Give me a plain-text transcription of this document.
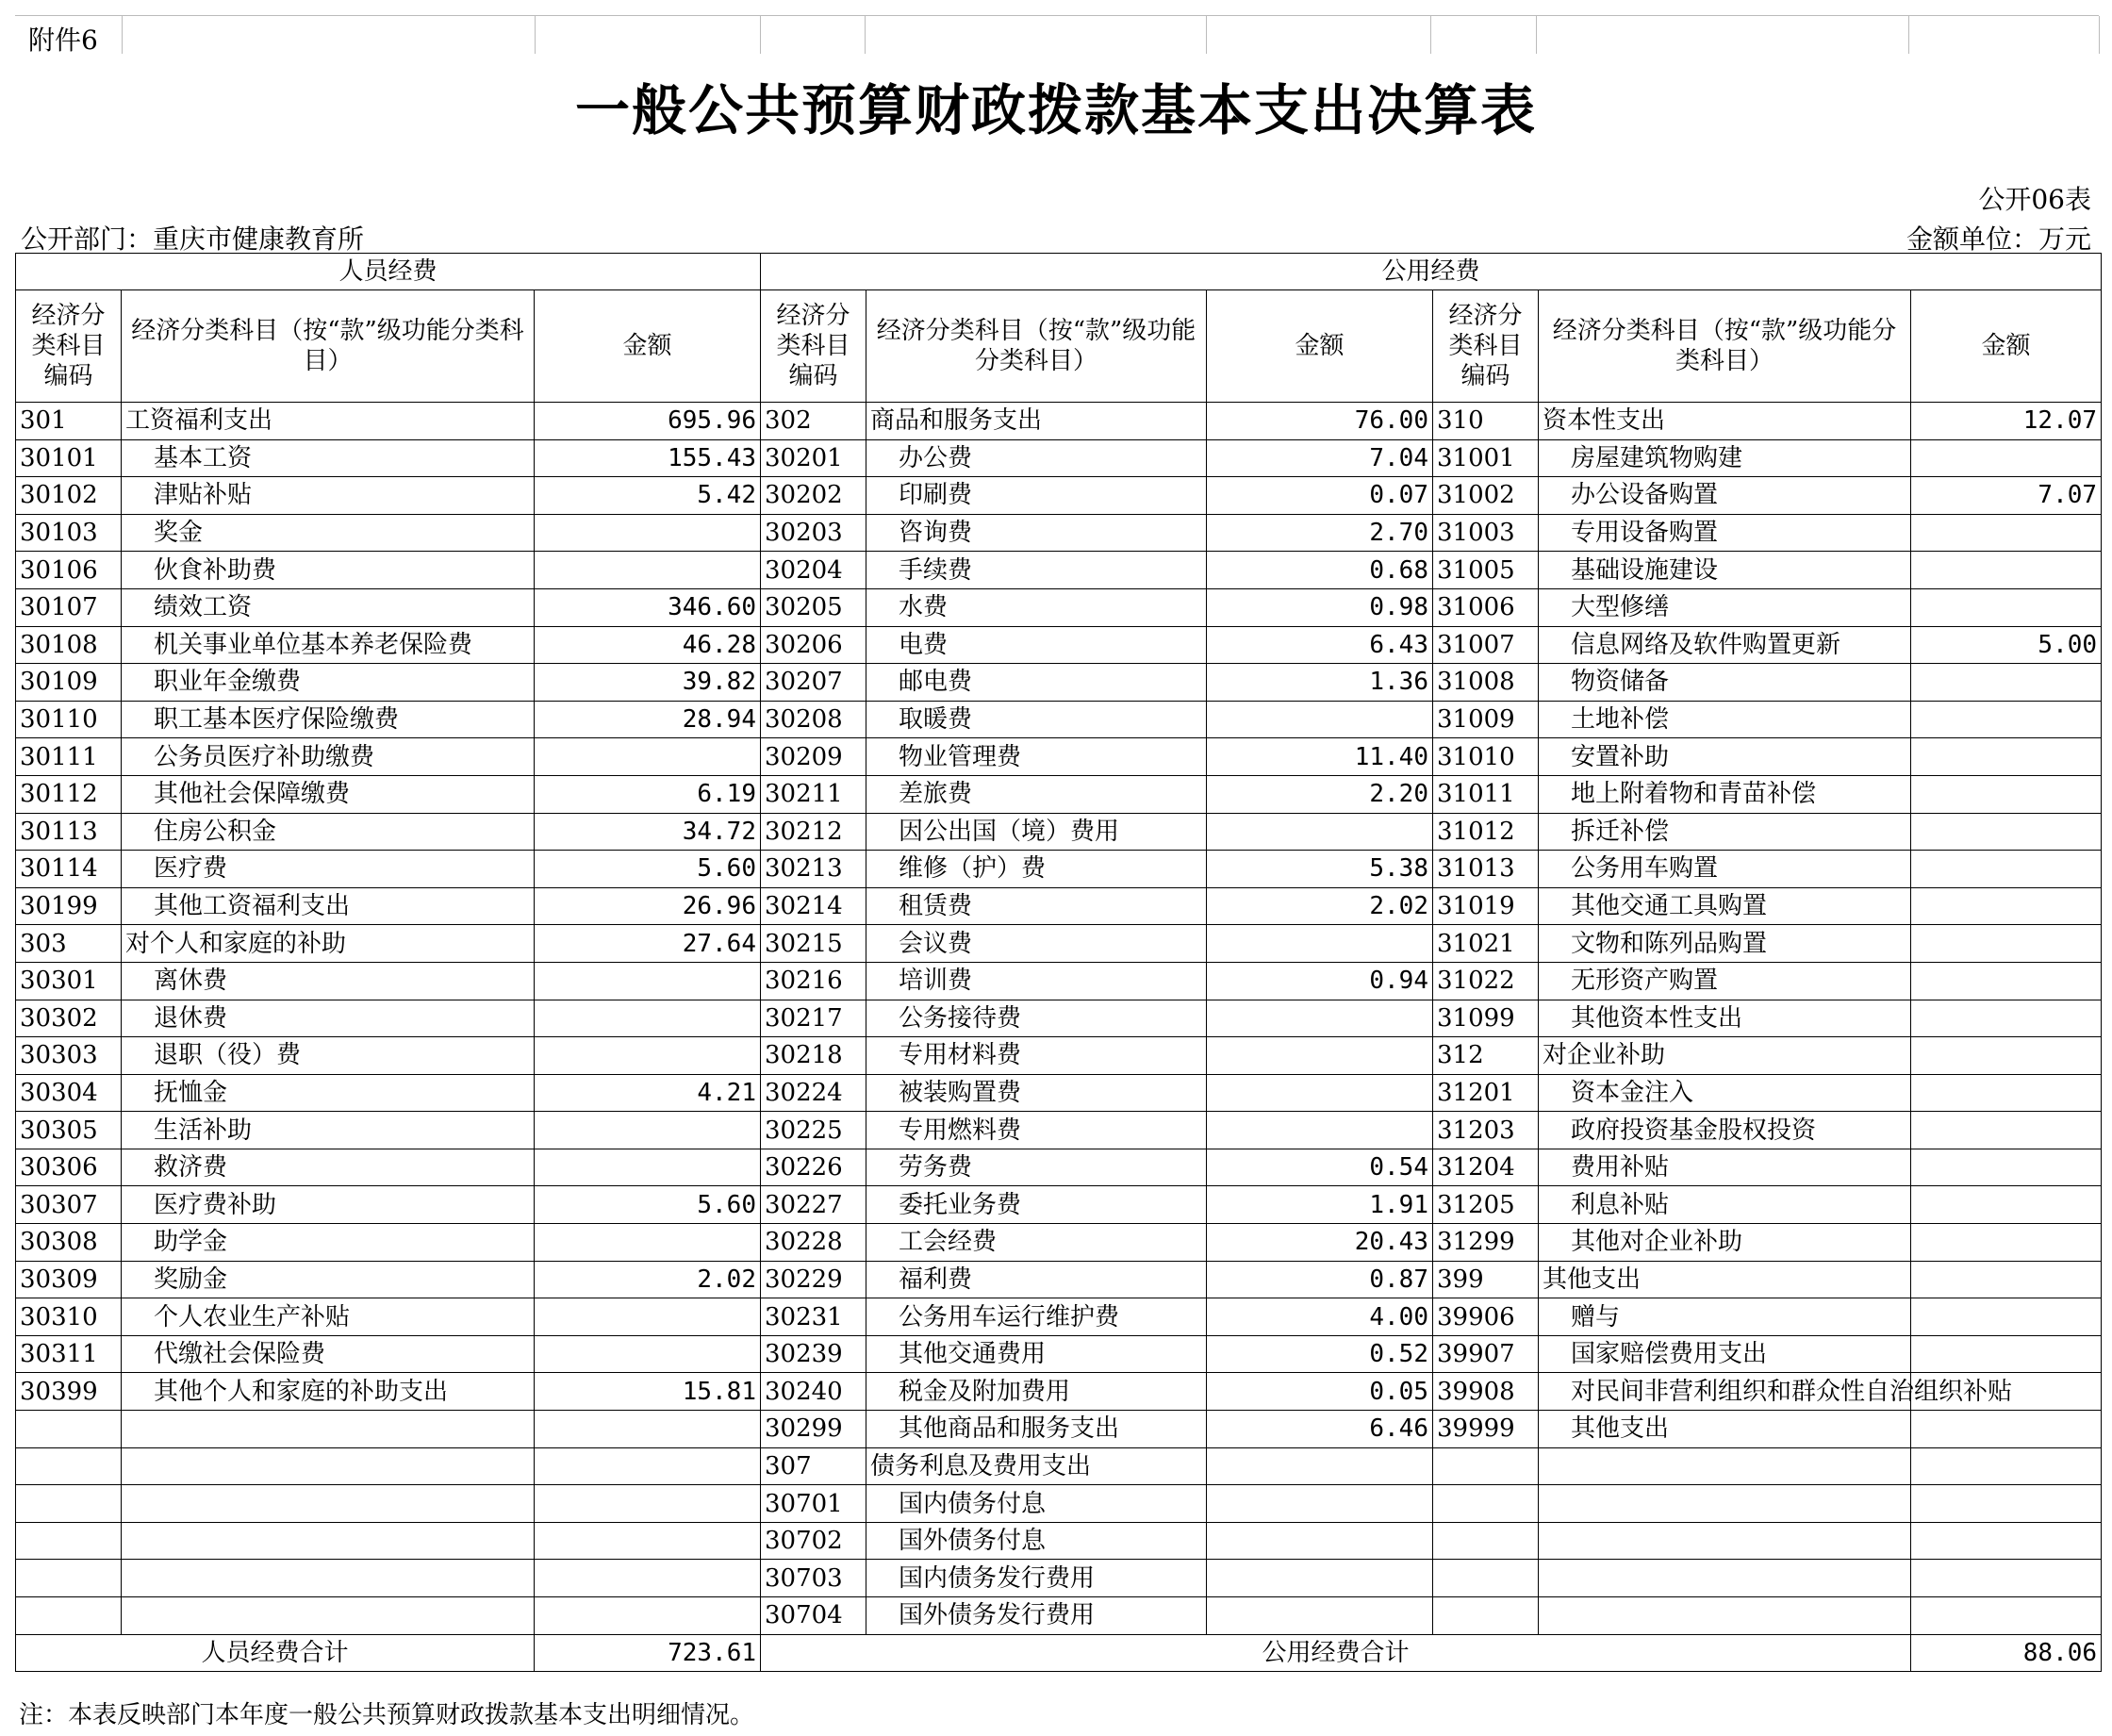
附件6
一般公共预算财政拨款基本支出决算表
公开06表
公开部门：重庆市健康教育所	金额单位：万元
人员经费			公用经费					
经济分类科目编码	经济分类科目（按“款”级功能分类科目）	金额	经济分类科目编码	经济分类科目（按“款”级功能分类科目）	金额	经济分类科目编码	经济分类科目（按“款”级功能分类科目）	金额
301	工资福利支出	695.96	302	商品和服务支出	76.00	310	资本性支出	12.07
30101	基本工资	155.43	30201	办公费	7.04	31001	房屋建筑物购建	
30102	津贴补贴	5.42	30202	印刷费	0.07	31002	办公设备购置	7.07
30103	奖金		30203	咨询费	2.70	31003	专用设备购置	
30106	伙食补助费		30204	手续费	0.68	31005	基础设施建设	
30107	绩效工资	346.60	30205	水费	0.98	31006	大型修缮	
30108	机关事业单位基本养老保险费	46.28	30206	电费	6.43	31007	信息网络及软件购置更新	5.00
30109	职业年金缴费	39.82	30207	邮电费	1.36	31008	物资储备	
30110	职工基本医疗保险缴费	28.94	30208	取暖费		31009	土地补偿	
30111	公务员医疗补助缴费		30209	物业管理费	11.40	31010	安置补助	
30112	其他社会保障缴费	6.19	30211	差旅费	2.20	31011	地上附着物和青苗补偿	
30113	住房公积金	34.72	30212	因公出国（境）费用		31012	拆迁补偿	
30114	医疗费	5.60	30213	维修（护）费	5.38	31013	公务用车购置	
30199	其他工资福利支出	26.96	30214	租赁费	2.02	31019	其他交通工具购置	
303	对个人和家庭的补助	27.64	30215	会议费		31021	文物和陈列品购置	
30301	离休费		30216	培训费	0.94	31022	无形资产购置	
30302	退休费		30217	公务接待费		31099	其他资本性支出	
30303	退职（役）费		30218	专用材料费		312	对企业补助	
30304	抚恤金	4.21	30224	被装购置费		31201	资本金注入	
30305	生活补助		30225	专用燃料费		31203	政府投资基金股权投资	
30306	救济费		30226	劳务费	0.54	31204	费用补贴	
30307	医疗费补助	5.60	30227	委托业务费	1.91	31205	利息补贴	
30308	助学金		30228	工会经费	20.43	31299	其他对企业补助	
30309	奖励金	2.02	30229	福利费	0.87	399	其他支出	
30310	个人农业生产补贴		30231	公务用车运行维护费	4.00	39906	赠与	
30311	代缴社会保险费		30239	其他交通费用	0.52	39907	国家赔偿费用支出	
30399	其他个人和家庭的补助支出	15.81	30240	税金及附加费用	0.05	39908	对民间非营利组织和群众性自治组织补贴	
			30299	其他商品和服务支出	6.46	39999	其他支出	
			307	债务利息及费用支出				
			30701	国内债务付息				
			30702	国外债务付息				
			30703	国内债务发行费用				
			30704	国外债务发行费用				
人员经费合计		723.61	公用经费合计					88.06
注：本表反映部门本年度一般公共预算财政拨款基本支出明细情况。
